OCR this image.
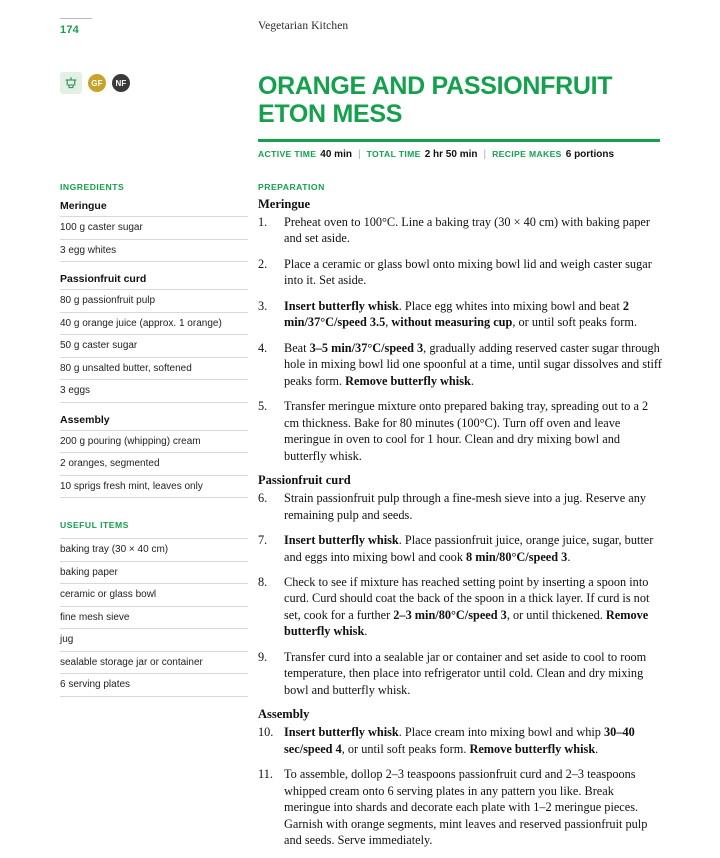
174	Vegetarian Kitchen
GF	NF	ORANGE AND PASSIONFRUIT
ETON MESS
ACTIVE TIME 40 min | TOTAL TIME 2 hr 50 min | RECIPE MAKES 6 portions
INGREDIENTS
Meringue
100 g caster sugar
3 egg whites
Passionfruit curd
80 g passionfruit pulp
40 g orange juice (approx. 1 orange)
50 g caster sugar
80 g unsalted butter, softened
3 eggs
Assembly
200 g pouring (whipping) cream
2 oranges, segmented
10 sprigs fresh mint, leaves only
USEFUL ITEMS
baking tray (30 × 40 cm)
baking paper
ceramic or glass bowl
fine mesh sieve
jug
sealable storage jar or container
6 serving plates
PREPARATION
Meringue
1.	Preheat oven to 100°C. Line a baking tray (30 × 40 cm) with baking paper and set aside.
2.	Place a ceramic or glass bowl onto mixing bowl lid and weigh caster sugar into it. Set aside.
3.	Insert butterfly whisk. Place egg whites into mixing bowl and beat 2 min/37°C/speed 3.5, without measuring cup, or until soft peaks form.
4.	Beat 3–5 min/37°C/speed 3, gradually adding reserved caster sugar through hole in mixing bowl lid one spoonful at a time, until sugar dissolves and stiff peaks form. Remove butterfly whisk.
5.	Transfer meringue mixture onto prepared baking tray, spreading out to a 2 cm thickness. Bake for 80 minutes (100°C). Turn off oven and leave meringue in oven to cool for 1 hour. Clean and dry mixing bowl and butterfly whisk.
Passionfruit curd
6.	Strain passionfruit pulp through a fine-mesh sieve into a jug. Reserve any remaining pulp and seeds.
7.	Insert butterfly whisk. Place passionfruit juice, orange juice, sugar, butter and eggs into mixing bowl and cook 8 min/80°C/speed 3.
8.	Check to see if mixture has reached setting point by inserting a spoon into curd. Curd should coat the back of the spoon in a thick layer. If curd is not set, cook for a further 2–3 min/80°C/speed 3, or until thickened. Remove butterfly whisk.
9.	Transfer curd into a sealable jar or container and set aside to cool to room temperature, then place into refrigerator until cold. Clean and dry mixing bowl and butterfly whisk.
Assembly
10. Insert butterfly whisk. Place cream into mixing bowl and whip 30–40 sec/speed 4, or until soft peaks form. Remove butterfly whisk.
11. To assemble, dollop 2–3 teaspoons passionfruit curd and 2–3 teaspoons whipped cream onto 6 serving plates in any pattern you like. Break meringue into shards and decorate each plate with 1–2 meringue pieces. Garnish with orange segments, mint leaves and reserved passionfruit pulp and seeds. Serve immediately.
